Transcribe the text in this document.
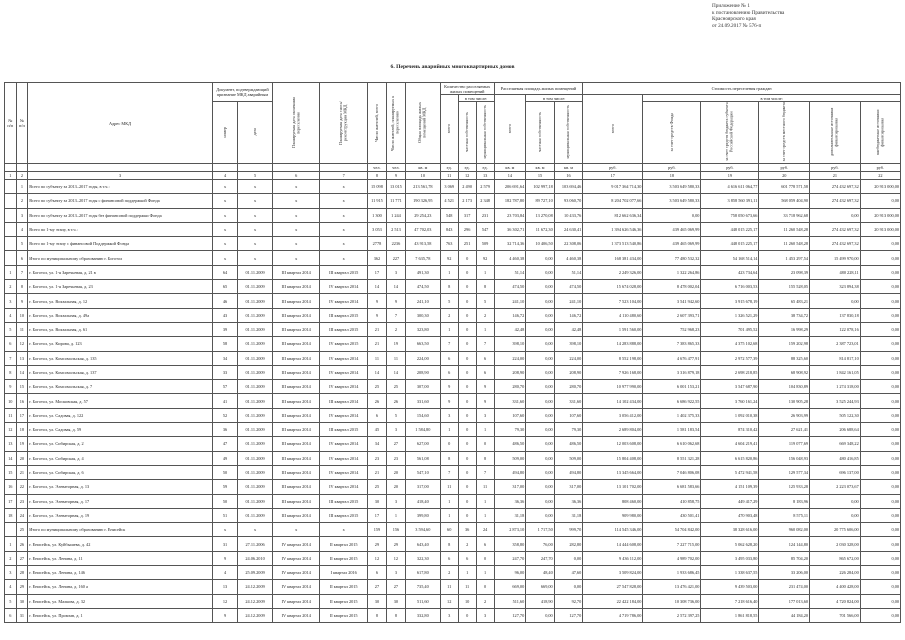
Приложение № 1
к постановлению Правительства
Красноярского края
от 24.09.2017 № 576-п
6. Перечень аварийных многоквартирных домов
№ п/п	№ п/п	Адрес МКД	Документ, подтверждающий признание МКД аварийным		Планируемая дата окончания переселения	Планируемая дата сноса/ реконструкции МКД	Число жителей, всего	Число жителей, планируемых к переселению	Общая площадь жилых помещений МКД	Количество расселяемых жилых помещений			Расселяемая площадь жилых помещений			Стоимость переселения граждан					
										всего	в том числе:		всего	в том числе:		всего	в том числе:				
			номер	дата							частная собственность	муниципальная собственность		частная собственность	муниципальная собственность		за счет средств Фонда	за счет средств бюджета субъекта Российской Федерации	за счет средств местного бюджета	дополнительные источники финансирования	внебюджетные источники финансирования
							чел.	чел.	кв. м	ед.	ед.	ед.	кв. м	кв. м	кв. м	руб.	руб.	руб.	руб.	руб.	руб.
1	2	3	4	5	6	7	8	9	10	11	12	13	14	15	16	17	18	19	20	21	22
	1	Всего по субъекту за 2013–2017 годы, в т.ч.:	х	х	х	х	15 098	13 015	213 561,78	3 069	2 490	2 579	206 691,64	102 997,18	103 694,46	9 017 364 714,30	3 503 649 580,33	4 616 611 064,77	601 778 571,58	274 432 697,32	20 913 000,00
	2	Всего по субъекту за 2013–2017 годы с финансовой поддержкой Фонда	х	х	х	х	11 915	11 771	190 326,95	4 521	2 173	2 348	182 787,80	89 727,10	93 060,70	8 204 702 077,66	3 503 649 580,33	3 858 560 391,11	568 059 404,90	274 432 697,32	0,00
	3	Всего по субъекту за 2013–2017 годы без финансовой поддержки Фонда	х	х	х	х	1 300	1 244	29 254,23	548	317	231	23 703,84	13 270,08	10 433,76	812 662 636,34	0,00	758 050 673,66	33 718 962,68	0,00	20 913 000,00
	4	Всего по 1-му этапу, в т.ч.:	х	х	х	х	3 053	2 513	47 702,03	843	296	547	36 302,71	11 672,30	24 630,41	1 394 626 546,36	439 465 069,99	448 015 225,17	11 260 548,28	274 432 697,32	20 913 000,00
	5	Всего по 1-му этапу с финансовой Поддержкой Фонда	х	х	х	х	2778	2236	43 913,58	763	251	509	32 714,36	10 406,50	22 308,06	1 373 513 540,86	439 465 069,99	448 015 225,17	11 260 548,28	274 432 697,32	0,00
	6	Итого по муниципальному образованию г. Боготол	х	х	х	х	362	227	7 635,78	92	0	92	4 460,38	0,00	4 460,38	168 381 434,00	77 480 532,32	54 168 514,14	1 453 297,54	15 499 970,00	0,00
1	7	г. Боготол, ул. 1-я Заречьевая, д. 21 в	64	01.11.2009	III квартал 2014	III квартал 2015	17	3	491,30	1	0	1	51,14	0,00	51,14	2 249 326,00	1 322 264,86	423 734,64	23 098,39	480 228,11	0,00
2	8	г. Боготол, ул. 1-я Заречьевая, д. 23	65	01.11.2009	III квартал 2014	IV квартал 2014	14	14	474,50	8	0	8	474,50	0,00	474,50	15 674 028,00	8 478 002,04	6 716 003,53	155 528,05	323 894,38	0,00
3	9	г. Боготол, ул. Вокзальная, д. 12	46	01.11.2009	III квартал 2014	IV квартал 2014	9	9	241,10	5	0	5	241,10	0,00	241,10	7 523 104,00	3 541 942,60	3 915 678,19	65 483,21	0,00	0,00
4	10	г. Боготол, ул. Вокзальная, д. 49а	43	01.11.2009	III квартал 2014	III квартал 2015	9	7	300,30	2	0	2	146,72	0,00	146,72	4 110 480,60	2 607 393,71	1 326 521,29	38 734,72	137 830,18	0,00
5	11	г. Боготол, ул. Вокзальная, д. 61	39	01.11.2009	III квартал 2014	III квартал 2015	21	2	323,80	1	0	1	42,48	0,00	42,48	1 591 560,00	752 968,23	701 495,52	16 998,29	122 078,16	0,00
6	12	г. Боготол, ул. Кирова, д. 123	58	01.11.2009	III квартал 2014	IV квартал 2015	21	19	663,50	7	0	7	398,10	0,00	398,10	14 283 888,00	7 383 865,33	4 375 102,68	159 202,98	2 387 723,01	0,00
7	13	г. Боготол, ул. Комсомольская, д. 135	34	01.11.2009	III квартал 2014	IV квартал 2014	11	11	224,00	6	0	6	224,00	0,00	224,00	8 552 198,00	4 676 477,91	2 972 577,39	88 325,60	814 817,10	0,00
8	14	г. Боготол, ул. Комсомольская, д. 137	33	01.11.2009	III квартал 2014	IV квартал 2014	14	14	208,90	6	0	6	208,90	0,00	208,90	7 926 168,00	3 316 879,18	2 698 218,85	68 908,92	1 842 161,05	0,00
9	15	г. Боготол, ул. Комсомольская, д. 7	57	01.11.2009	III квартал 2014	IV квартал 2014	25	25	307,00	9	0	9	280,70	0,00	280,70	10 977 990,00	6 001 153,21	3 547 687,90	104 830,89	1 274 318,00	0,00
10	16	г. Боготол, ул. Московская, д. 57	41	01.11.2009	III квартал 2014	III квартал 2014	26	26	331,60	9	0	9	331,60	0,00	331,60	14 102 434,00	6 686 922,55	3 760 161,24	130 905,28	3 525 244,93	0,00
11	17	г. Боготол, ул. Садовая, д. 122	52	01.11.2009	III квартал 2014	IV квартал 2014	6	5	154,60	3	0	3	107,60	0,00	107,60	3 056 412,00	1 402 375,33	1 092 010,38	26 903,99	505 122,30	0,00
12	18	г. Боготол, ул. Садовая, д. 59	36	01.11.2009	III квартал 2014	III квартал 2015	45	3	1 584,80	1	0	1	79,30	0,00	79,30	2 689 804,00	1 581 183,54	874 310,42	27 621,41	206 688,64	0,00
13	19	г. Боготол, ул. Сибирская, д. 2	47	01.11.2009	III квартал 2014	IV квартал 2014	34	27	627,00	0	0	0	486,50	0,00	486,50	12 003 608,00	6 610 062,68	4 604 219,41	119 077,69	669 348,22	0,00
14	20	г. Боготол, ул. Сибирская, д. 4	49	01.11.2009	III квартал 2014	IV квартал 2014	23	23	561,08	8	0	8	509,00	0,00	509,00	15 804 408,00	8 551 321,28	6 615 820,86	156 048,93	480 416,85	0,00
15	21	г. Боготол, ул. Сибирская, д. 6	50	01.11.2009	III квартал 2014	IV квартал 2014	21	20	547,10	7	0	7	494,80	0,00	494,80	13 345 664,00	7 046 806,08	5 472 941,58	129 577,34	696 137,00	0,00
16	22	г. Боготол, ул. Элеваторная, д. 13	59	01.11.2009	III квартал 2014	IV квартал 2014	25	20	317,00	11	0	11	317,00	0,00	317,00	13 101 702,00	6 681 583,66	4 151 109,39	125 933,28	2 223 073,67	0,00
17	23	г. Боготол, ул. Элеваторная, д. 17	50	01.11.2009	III квартал 2014	III квартал 2015	30	3	418,40	1	0	1	36,36	0,00	36,36	808 460,00	410 858,75	449 417,29	8 183,96	0,00	0,00
18	24	г. Боготол, ул. Элеваторная, д. 19	51	01.11.2009	III квартал 2014	III квартал 2015	17	1	399,80	1	0	1	31,18	0,00	31,18	909 980,00	430 501,41	470 903,48	8 575,11	0,00	0,00
	25	Итого по муниципальному образованию г. Енисейск	х	х	х	х	159	156	3 594,60	60	36	24	2 873,10	1 717,50	999,70	114 545 346,00	54 704 842,00	38 328 616,00	960 082,00	20 775 606,00	0,00
1	26	г. Енисейск, ул. Куйбышева, д. 42	31	27.11.2006	IV квартал 2014	II квартал 2015	29	29	643,40	8	2	6	358,80	76,00	282,80	14 444 608,00	7 227 715,00	5 062 628,20	124 144,80	2 030 328,00	0,00
2	27	г. Енисейск, ул. Ленина, д. 11	9	24.06.2010	IV квартал 2014	II квартал 2015	12	12	322,30	6	6	0	247,70	247,70	0,00	9 436 112,00	4 989 702,00	3 495 033,80	85 704,20	865 672,00	0,00
3	28	г. Енисейск, ул. Ленина, д. 146	4	25.09.2009	IV квартал 2014	I квартал 2016	6	3	617,80	2	1	1	96,00	48,40	47,60	3 509 824,00	1 933 686,45	1 338 637,55	33 206,00	226 284,00	0,00
4	29	г. Енисейск, ул. Ленина, д. 160 а	13	24.12.2009	IV квартал 2014	II квартал 2015	27	27	735,40	11	11	0	669,00	669,00	0,00	27 547 828,00	13 476 421,00	9 439 503,00	231 474,00	4 400 428,00	0,00
5	30	г. Енисейск, ул. Малкова, д. 32	12	24.12.2009	IV квартал 2014	II квартал 2015	30	30	511,60	12	10	2	511,60	418,90	92,70	22 422 184,00	10 308 736,00	7 218 616,40	177 013,60	4 720 824,00	0,00
6	31	г. Енисейск, ул. Промзав, д. 1	9	24.12.2009	IV квартал 2014	II квартал 2015	8	8	332,80	3	0	3	127,70	0,00	127,70	4 719 786,00	2 572 397,25	1 861 818,55	44 184,20	701 566,00	0,00
